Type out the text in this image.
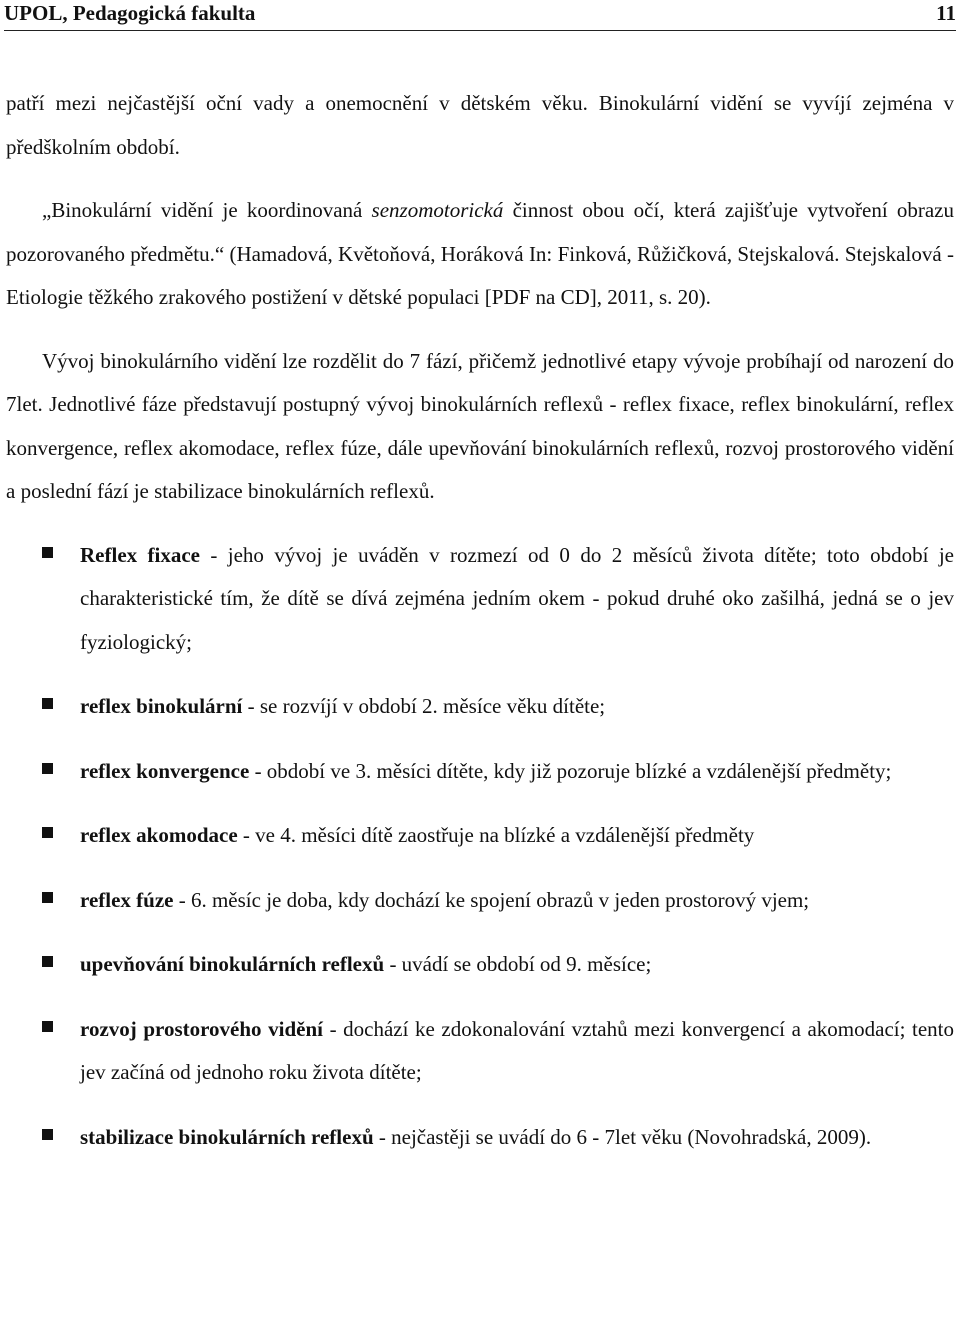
UPOL, Pedagogická fakulta	11

patří mezi nejčastější oční vady a onemocnění v dětském věku. Binokulární vidění se vyvíjí zejména v předškolním období.

„Binokulární vidění je koordinovaná senzomotorická činnost obou očí, která zajišťuje vytvoření obrazu pozorovaného předmětu.“ (Hamadová, Květoňová, Horáková In: Finková, Růžičková, Stejskalová. Stejskalová - Etiologie těžkého zrakového postižení v dětské populaci [PDF na CD], 2011, s. 20).

Vývoj binokulárního vidění lze rozdělit do 7 fází, přičemž jednotlivé etapy vývoje probíhají od narození do 7let. Jednotlivé fáze představují postupný vývoj binokulárních reflexů - reflex fixace, reflex binokulární, reflex konvergence, reflex akomodace, reflex fúze, dále upevňování binokulárních reflexů, rozvoj prostorového vidění a poslední fází je stabilizace binokulárních reflexů.

Reflex fixace - jeho vývoj je uváděn v rozmezí od 0 do 2 měsíců života dítěte; toto období je charakteristické tím, že dítě se dívá zejména jedním okem - pokud druhé oko zašilhá, jedná se o jev fyziologický;
reflex binokulární - se rozvíjí v období 2. měsíce věku dítěte;
reflex konvergence - období ve 3. měsíci dítěte, kdy již pozoruje blízké a vzdálenější předměty;
reflex akomodace - ve 4. měsíci dítě zaostřuje na blízké a vzdálenější předměty
reflex fúze - 6. měsíc je doba, kdy dochází ke spojení obrazů v jeden prostorový vjem;
upevňování binokulárních reflexů - uvádí se období od 9. měsíce;
rozvoj prostorového vidění - dochází ke zdokonalování vztahů mezi konvergencí a akomodací; tento jev začíná od jednoho roku života dítěte;
stabilizace binokulárních reflexů - nejčastěji se uvádí do 6 - 7let věku (Novohradská, 2009).
